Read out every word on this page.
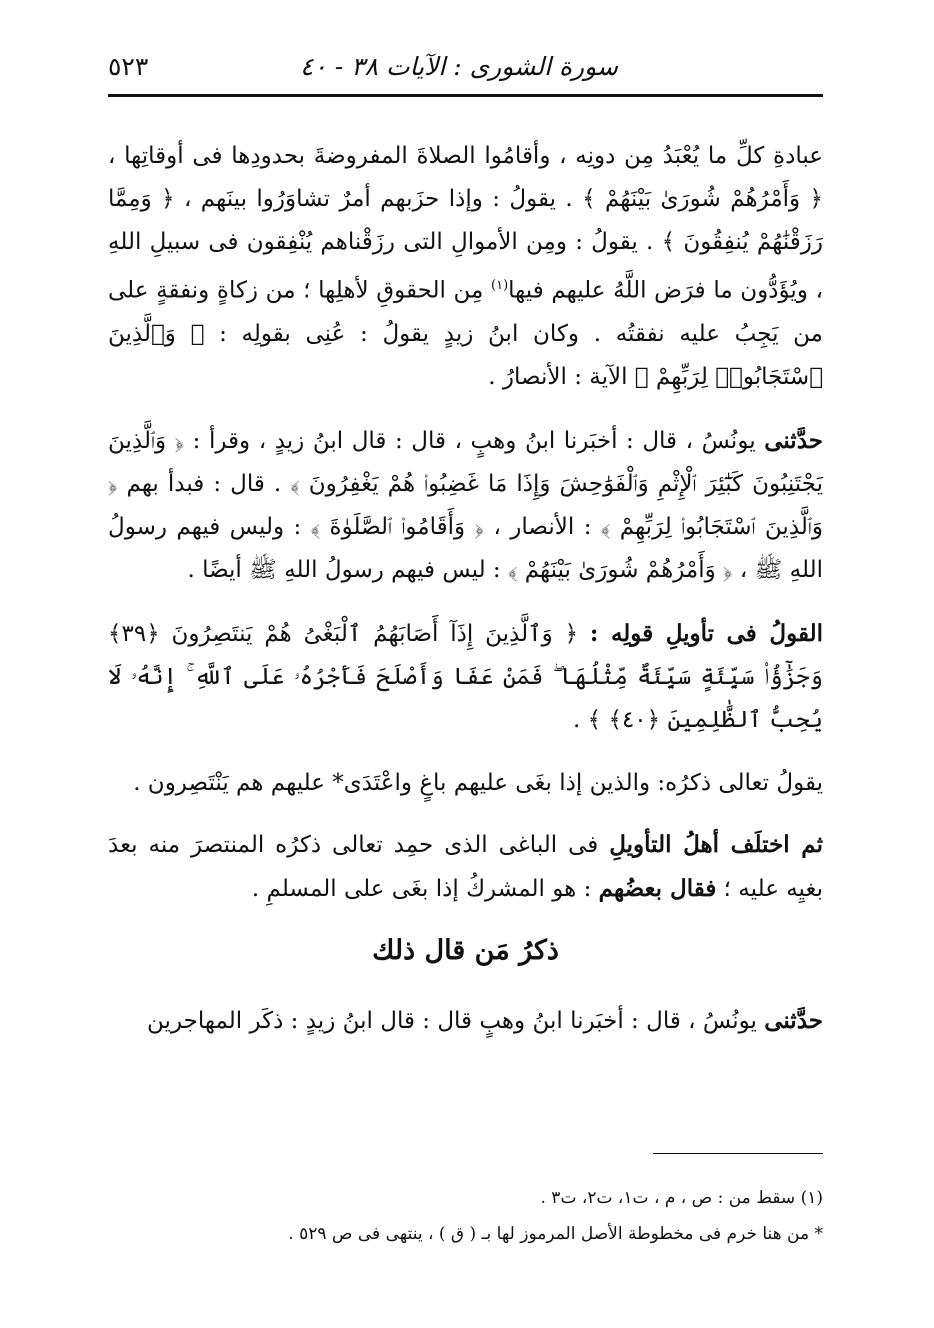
سورة الشورى : الآيات ٣٨ - ٤٠
٥٢٣

عبادةِ كلِّ ما يُعْبَدُ مِن دونِه ، وأقامُوا الصلاةَ المفروضةَ بحدودِها فى أوقاتِها ، ﴿ وَأَمْرُهُمْ شُورَىٰ بَيْنَهُمْ ﴾ . يقولُ : وإذا حزَبهم أمرٌ تشاوَرُوا بينَهم ، ﴿ وَمِمَّا رَزَقْنَٰهُمْ يُنفِقُونَ ﴾ . يقولُ : ومِن الأموالِ التى رزَقْناهم يُنْفِقون فى سبيلِ اللهِ ، ويُؤَدُّون ما فرَض اللَّهُ عليهم فيها$^{(١)}$ مِن الحقوقِ لأهلِها ؛ من زكاةٍ ونفقةٍ على من يَجِبُ عليه نفقتُه . وكان ابنُ زيدٍ يقولُ : عُنِى بقولِه : ﴿ وَٱلَّذِينَ ٱسْتَجَابُوا۟ لِرَبِّهِمْ ﴾ الآية : الأنصارُ .

حدَّثنى يونُسُ ، قال : أخبَرنا ابنُ وهبٍ ، قال : قال ابنُ زيدٍ ، وقرأ : ﴿ وَٱلَّذِينَ يَجْتَنِبُونَ كَبَٰٓئِرَ ٱلْإِثْمِ وَٱلْفَوَٰحِشَ وَإِذَا مَا غَضِبُوا۟ هُمْ يَغْفِرُونَ ﴾ . قال : فبدأ بهم ﴿ وَٱلَّذِينَ ٱسْتَجَابُوا۟ لِرَبِّهِمْ ﴾ : الأنصار ، ﴿ وَأَقَامُوا۟ ٱلصَّلَوٰةَ ﴾ : وليس فيهم رسولُ اللهِ ﷺ ، ﴿ وَأَمْرُهُمْ شُورَىٰ بَيْنَهُمْ ﴾ : ليس فيهم رسولُ اللهِ ﷺ أيضًا .

القولُ فى تأويلِ قولِه : ﴿ وَٱلَّذِينَ إِذَآ أَصَابَهُمُ ٱلْبَغْىُ هُمْ يَنتَصِرُونَ ﴿٣٩﴾ وَجَزَٰٓؤُا۟ سَيِّئَةٍ سَيِّئَةٌ مِّثْلُهَا ۖ فَمَنْ عَفَا وَأَصْلَحَ فَأَجْرُهُۥ عَلَى ٱللَّهِ ۚ إِنَّهُۥ لَا يُحِبُّ ٱلظَّٰلِمِينَ ﴿٤٠﴾ ﴾ .

يقولُ تعالى ذكرُه: والذين إذا بغَى عليهم باغٍ واعْتَدَى* عليهم هم يَنْتَصِرون .

ثم اختلَف أهلُ التأويلِ فى الباغى الذى حمِد تعالى ذكرُه المنتصرَ منه بعدَ بغيِه عليه ؛ فقال بعضُهم : هو المشركُ إذا بغَى على المسلمِ .

ذكرُ مَن قال ذلك

حدَّثنى يونُسُ ، قال : أخبَرنا ابنُ وهبٍ قال : قال ابنُ زيدٍ : ذكَر المهاجرين

(١) سقط من : ص ، م ، ت١، ت٢، ت٣ .
* من هنا خرم فى مخطوطة الأصل المرموز لها بـ ( ق ) ، ينتهى فى ص ٥٢٩ .
